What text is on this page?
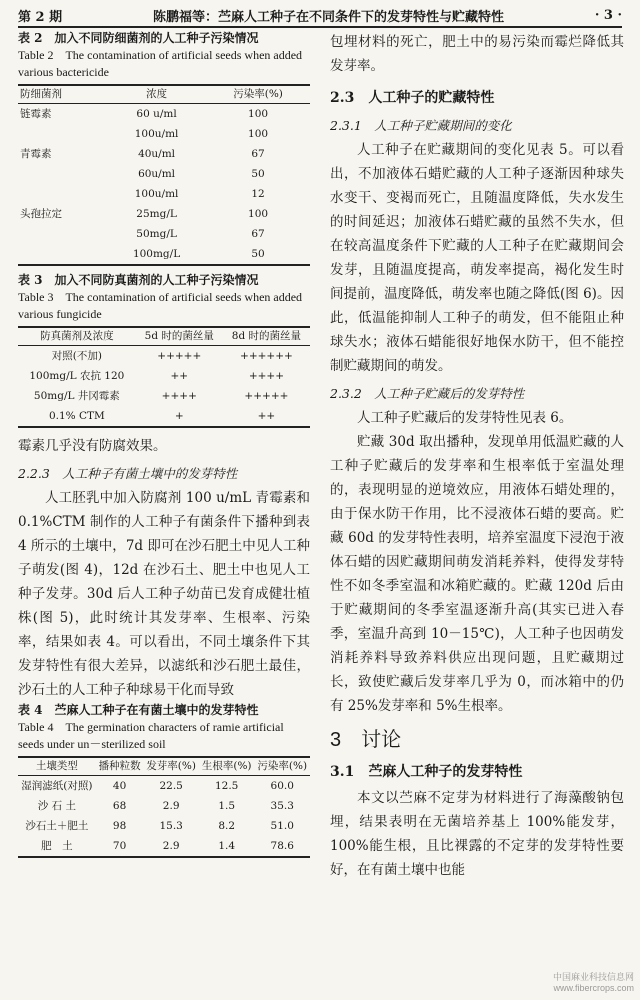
第 2 期	陈鹏福等：苎麻人工种子在不同条件下的发芽特性与贮藏特性	· 3 ·

表 2　加入不同防细菌剂的人工种子污染情况

Table 2　The contamination of artificial seeds when added various bactericide

防细菌剂	浓度	污染率(%)
链霉素	60 u/ml	100
	100u/ml	100
青霉素	40u/ml	67
	60u/ml	50
	100u/ml	12
头孢拉定	25mg/L	100
	50mg/L	67
	100mg/L	50

表 3　加入不同防真菌剂的人工种子污染情况

Table 3　The contamination of artificial seeds when added various fungicide

防真菌剂及浓度	5d 时的菌丝量	8d 时的菌丝量
对照(不加)	+++++	++++++
100mg/L 农抗 120	++	++++
50mg/L 井冈霉素	++++	+++++
0.1% CTM	+	++

霉素几乎没有防腐效果。

2.2.3　人工种子有菌土壤中的发芽特性

人工胚乳中加入防腐剂 100 u/mL 青霉素和 0.1%CTM 制作的人工种子有菌条件下播种到表 4 所示的土壤中，7d 即可在沙石肥土中见人工种子萌发(图 4)，12d 在沙石土、肥土中也见人工种子发芽。30d 后人工种子幼苗已发育成健壮植株(图 5)，此时统计其发芽率、生根率、污染率，结果如表 4。可以看出，不同土壤条件下其发芽特性有很大差异，以滤纸和沙石肥土最佳，沙石土的人工种子种球易干化而导致

表 4　苎麻人工种子在有菌土壤中的发芽特性

Table 4　The germination characters of ramie artificial seeds under un－sterilized soil

土壤类型	播种粒数	发芽率(%)	生根率(%)	污染率(%)
湿润滤纸(对照)	40	22.5	12.5	60.0
沙 石 土	68	2.9	1.5	35.3
沙石土＋肥土	98	15.3	8.2	51.0
肥　土	70	2.9	1.4	78.6

包埋材料的死亡，肥土中的易污染而霉烂降低其发芽率。

2.3　人工种子的贮藏特性

2.3.1　人工种子贮藏期间的变化

人工种子在贮藏期间的变化见表 5。可以看出，不加液体石蜡贮藏的人工种子逐渐因种球失水变干、变褐而死亡，且随温度降低，失水发生的时间延迟；加液体石蜡贮藏的虽然不失水，但在较高温度条件下贮藏的人工种子在贮藏期间会发芽，且随温度提高，萌发率提高，褐化发生时间提前，温度降低，萌发率也随之降低(图 6)。因此，低温能抑制人工种子的萌发，但不能阻止种球失水；液体石蜡能很好地保水防干，但不能控制贮藏期间的萌发。

2.3.2　人工种子贮藏后的发芽特性

人工种子贮藏后的发芽特性见表 6。

贮藏 30d 取出播种，发现单用低温贮藏的人工种子贮藏后的发芽率和生根率低于室温处理的，表现明显的逆境效应，用液体石蜡处理的，由于保水防干作用，比不浸液体石蜡的要高。贮藏 60d 的发芽特性表明，培养室温度下浸泡于液体石蜡的因贮藏期间萌发消耗养料，使得发芽特性不如冬季室温和冰箱贮藏的。贮藏 120d 后由于贮藏期间的冬季室温逐渐升高(其实已进入春季，室温升高到 10－15℃)，人工种子也因萌发消耗养料导致养料供应出现问题，且贮藏期过长，致使贮藏后发芽率几乎为 0，而冰箱中的仍有 25%发芽率和 5%生根率。

3　讨论

3.1　苎麻人工种子的发芽特性

本文以苎麻不定芽为材料进行了海藻酸钠包埋，结果表明在无菌培养基上 100%能发芽，100%能生根，且比裸露的不定芽的发芽特性要好，在有菌土壤中也能

中国麻业科技信息网
www.fibercrops.com
